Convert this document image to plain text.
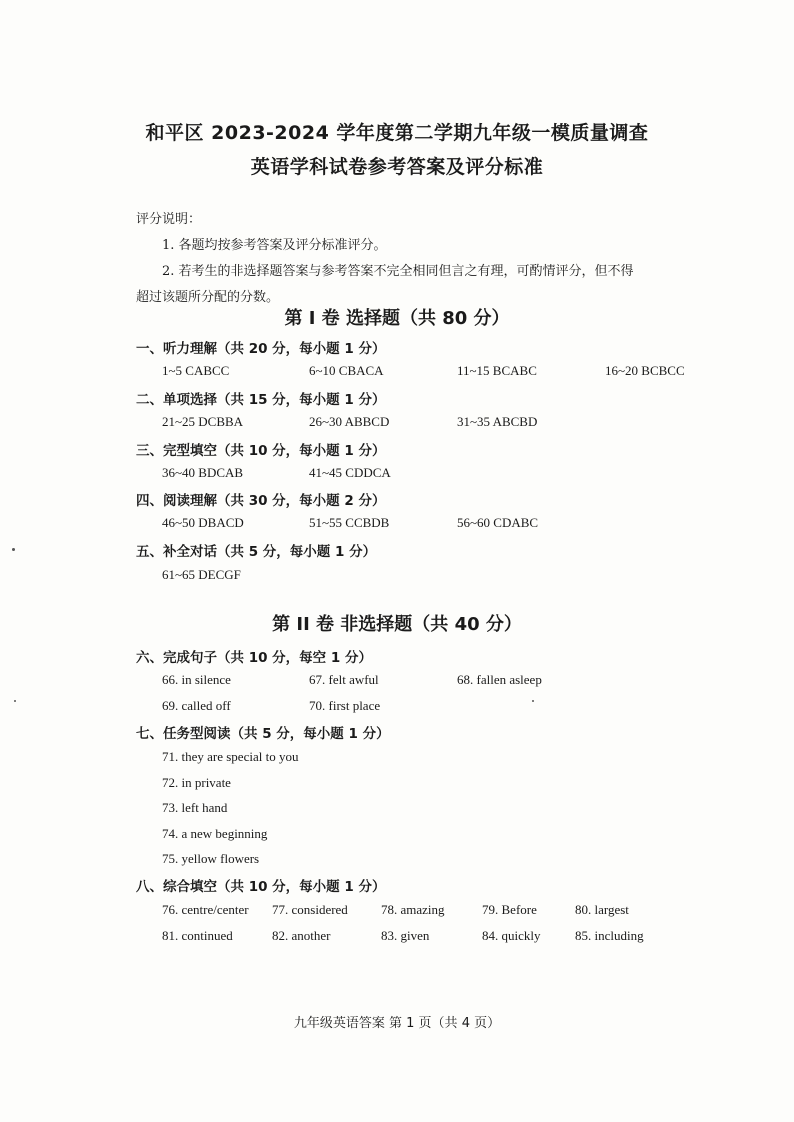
和平区 2023-2024 学年度第二学期九年级一模质量调查
英语学科试卷参考答案及评分标准
评分说明：
1. 各题均按参考答案及评分标准评分。
2. 若考生的非选择题答案与参考答案不完全相同但言之有理，可酌情评分，但不得
超过该题所分配的分数。
第 I 卷 选择题（共 80 分）
一、听力理解（共 20 分，每小题 1 分）
1~5 CABCC	6~10 CBACA	11~15 BCABC	16~20 BCBCC
二、单项选择（共 15 分，每小题 1 分）
21~25 DCBBA	26~30 ABBCD	31~35 ABCBD
三、完型填空（共 10 分，每小题 1 分）
36~40 BDCAB	41~45 CDDCA
四、阅读理解（共 30 分，每小题 2 分）
46~50 DBACD	51~55 CCBDB	56~60 CDABC
五、补全对话（共 5 分，每小题 1 分）
61~65 DECGF
第 II 卷 非选择题（共 40 分）
六、完成句子（共 10 分，每空 1 分）
66. in silence	67. felt awful	68. fallen asleep
69. called off	70. first place
七、任务型阅读（共 5 分，每小题 1 分）
71. they are special to you
72. in private
73. left hand
74. a new beginning
75. yellow flowers
八、综合填空（共 10 分，每小题 1 分）
76. centre/center 77. considered	78. amazing	79. Before	80. largest
81. continued	82. another	83. given	84. quickly	85. including
九年级英语答案 第 1 页（共 4 页）
